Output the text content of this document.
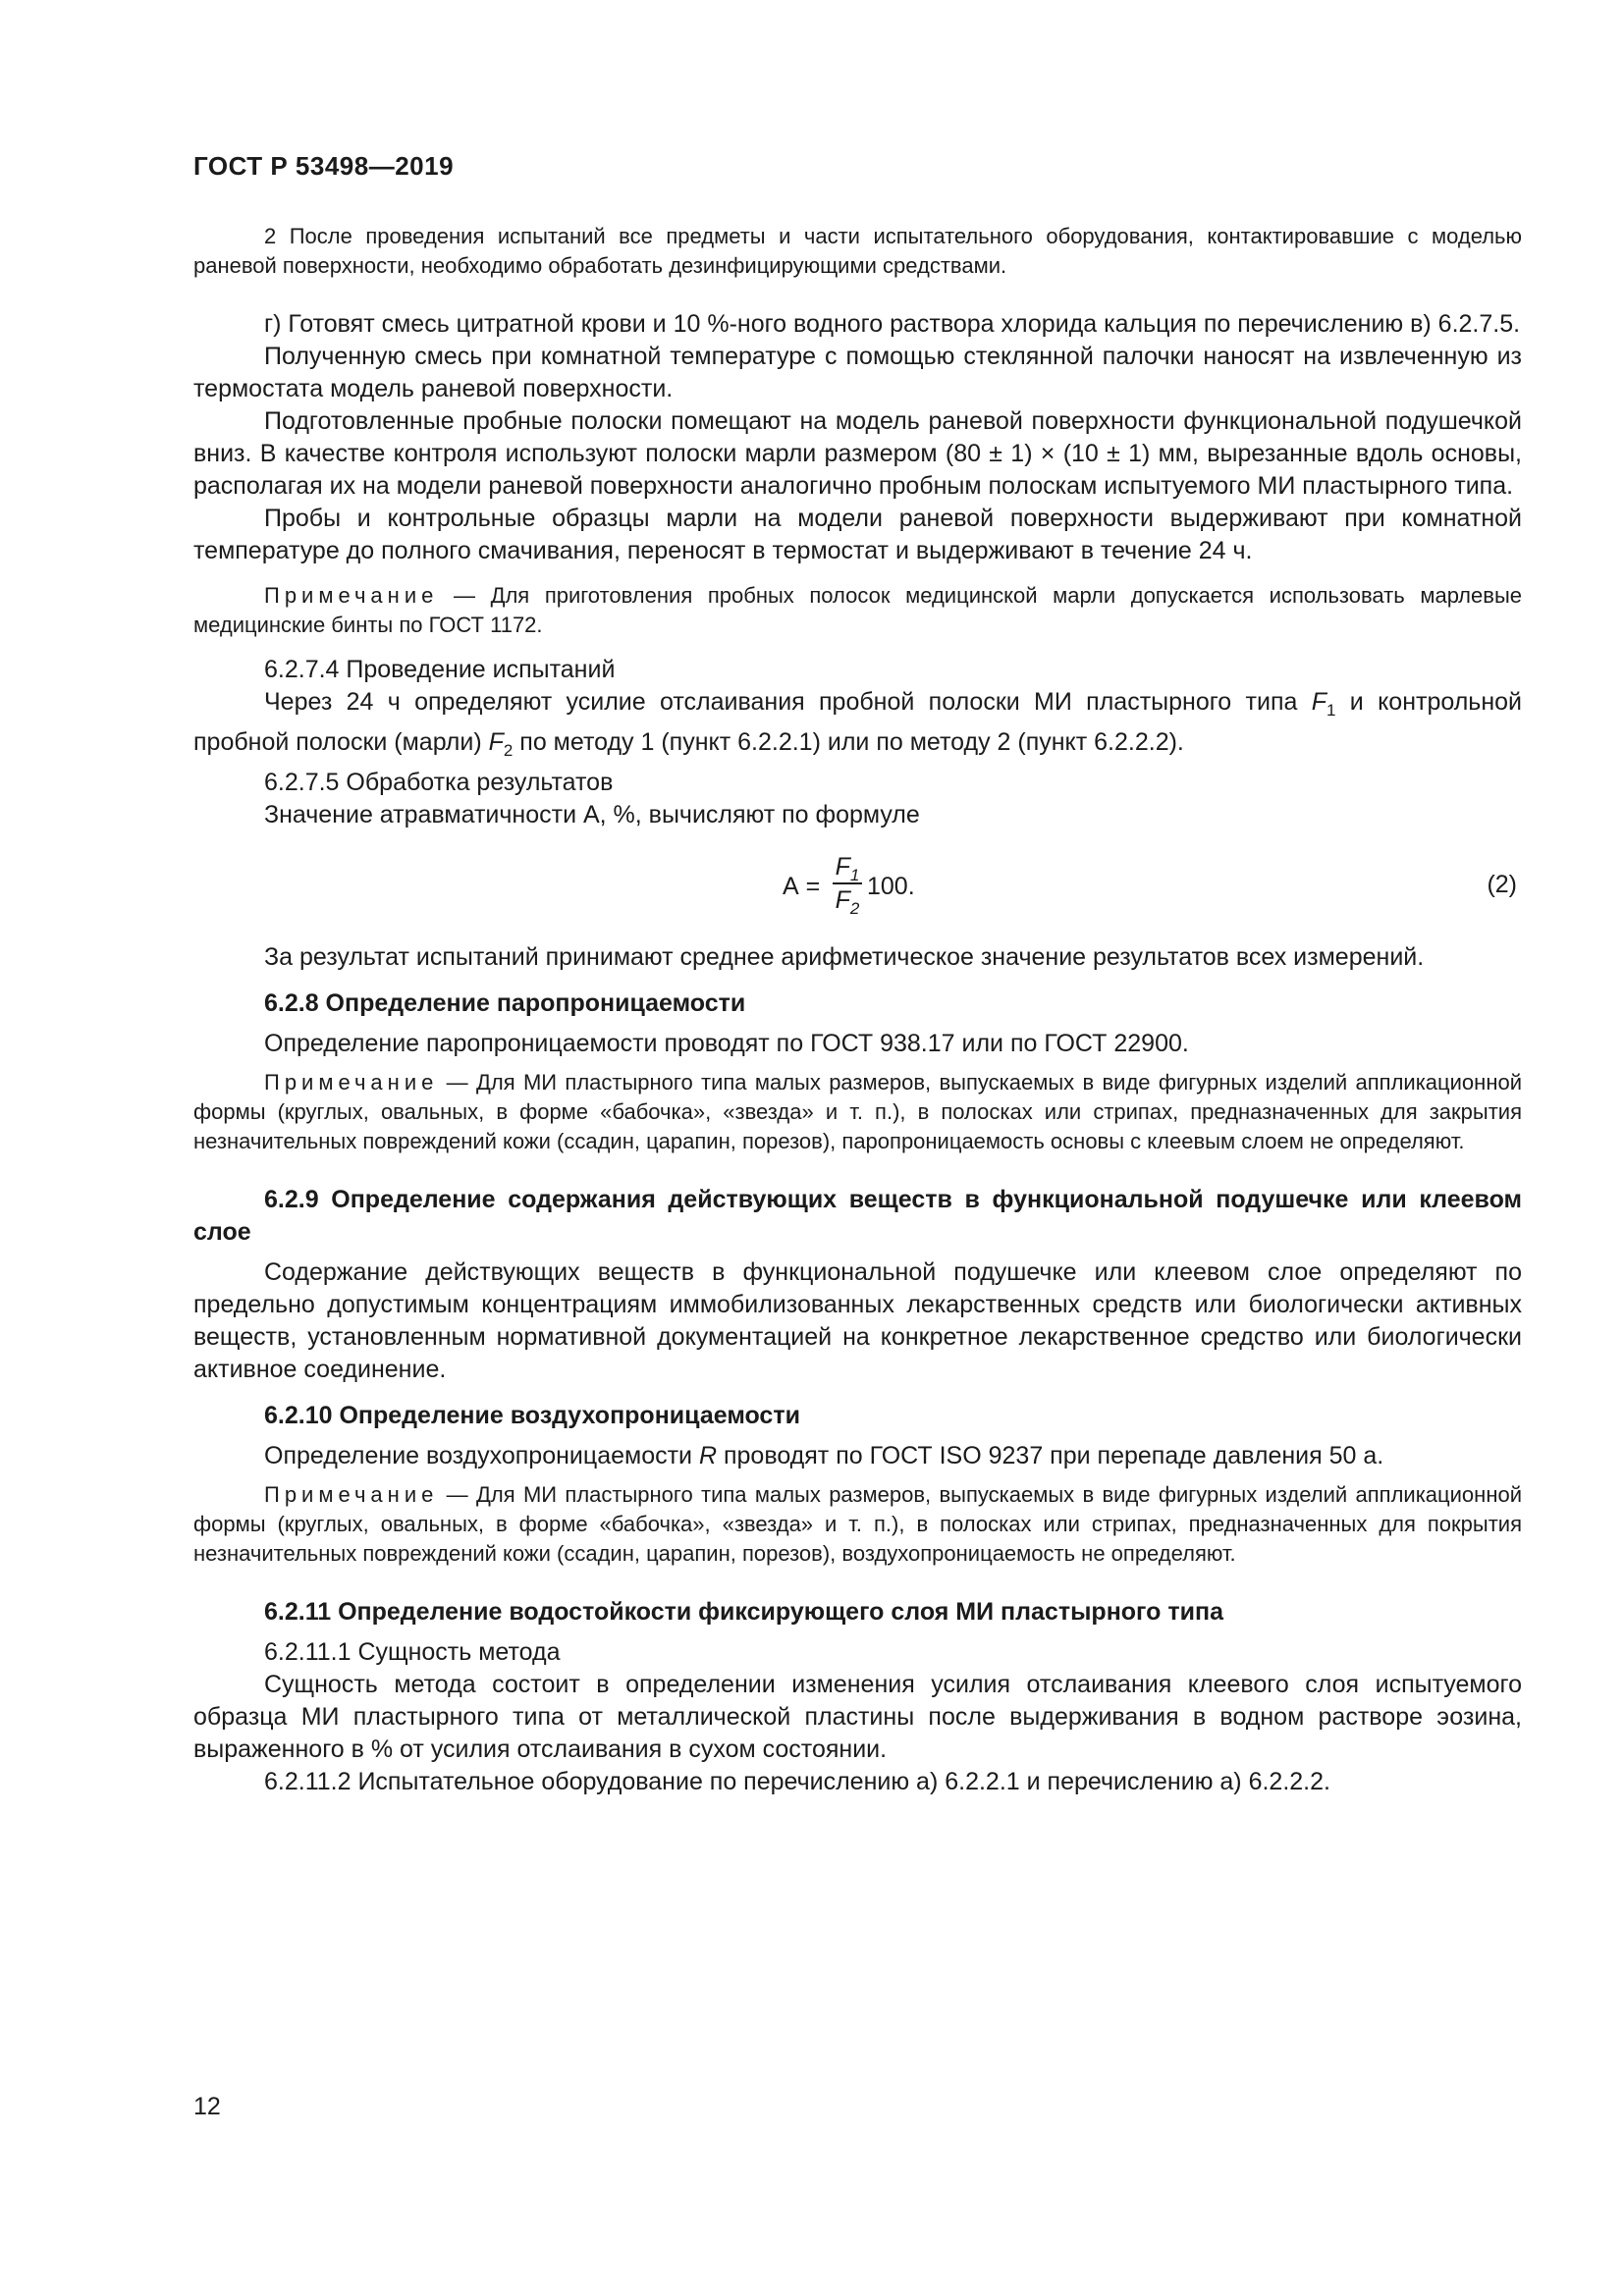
ГОСТ Р 53498—2019

2 После проведения испытаний все предметы и части испытательного оборудования, контактировавшие с моделью раневой поверхности, необходимо обработать дезинфицирующими средствами.

г) Готовят смесь цитратной крови и 10 %-ного водного раствора хлорида кальция по перечислению в) 6.2.7.5.

Полученную смесь при комнатной температуре с помощью стеклянной палочки наносят на извлеченную из термостата модель раневой поверхности.

Подготовленные пробные полоски помещают на модель раневой поверхности функциональной подушечкой вниз. В качестве контроля используют полоски марли размером (80 ± 1) × (10 ± 1) мм, вырезанные вдоль основы, располагая их на модели раневой поверхности аналогично пробным полоскам испытуемого МИ пластырного типа.

Пробы и контрольные образцы марли на модели раневой поверхности выдерживают при комнатной температуре до полного смачивания, переносят в термостат и выдерживают в течение 24 ч.

Примечание — Для приготовления пробных полосок медицинской марли допускается использовать марлевые медицинские бинты по ГОСТ 1172.

6.2.7.4 Проведение испытаний

Через 24 ч определяют усилие отслаивания пробной полоски МИ пластырного типа $F_1$ и контрольной пробной полоски (марли) $F_2$ по методу 1 (пункт 6.2.2.1) или по методу 2 (пункт 6.2.2.2).

6.2.7.5 Обработка результатов

Значение атравматичности А, %, вычисляют по формуле

А =
$F_1$
$F_2$
100.	(2)

За результат испытаний принимают среднее арифметическое значение результатов всех измерений.

6.2.8 Определение паропроницаемости

Определение паропроницаемости проводят по ГОСТ 938.17 или по ГОСТ 22900.

Примечание — Для МИ пластырного типа малых размеров, выпускаемых в виде фигурных изделий аппликационной формы (круглых, овальных, в форме «бабочка», «звезда» и т. п.), в полосках или стрипах, предназначенных для закрытия незначительных повреждений кожи (ссадин, царапин, порезов), паропроницаемость основы с клеевым слоем не определяют.

6.2.9 Определение содержания действующих веществ в функциональной подушечке или клеевом слое

Содержание действующих веществ в функциональной подушечке или клеевом слое определяют по предельно допустимым концентрациям иммобилизованных лекарственных средств или биологически активных веществ, установленным нормативной документацией на конкретное лекарственное средство или биологически активное соединение.

6.2.10 Определение воздухопроницаемости

Определение воздухопроницаемости R проводят по ГОСТ ISO 9237 при перепаде давления 50 а.

Примечание — Для МИ пластырного типа малых размеров, выпускаемых в виде фигурных изделий аппликационной формы (круглых, овальных, в форме «бабочка», «звезда» и т. п.), в полосках или стрипах, предназначенных для покрытия незначительных повреждений кожи (ссадин, царапин, порезов), воздухопроницаемость не определяют.

6.2.11 Определение водостойкости фиксирующего слоя МИ пластырного типа

6.2.11.1 Сущность метода

Сущность метода состоит в определении изменения усилия отслаивания клеевого слоя испытуемого образца МИ пластырного типа от металлической пластины после выдерживания в водном растворе эозина, выраженного в % от усилия отслаивания в сухом состоянии.

6.2.11.2 Испытательное оборудование по перечислению а) 6.2.2.1 и перечислению а) 6.2.2.2.

12
